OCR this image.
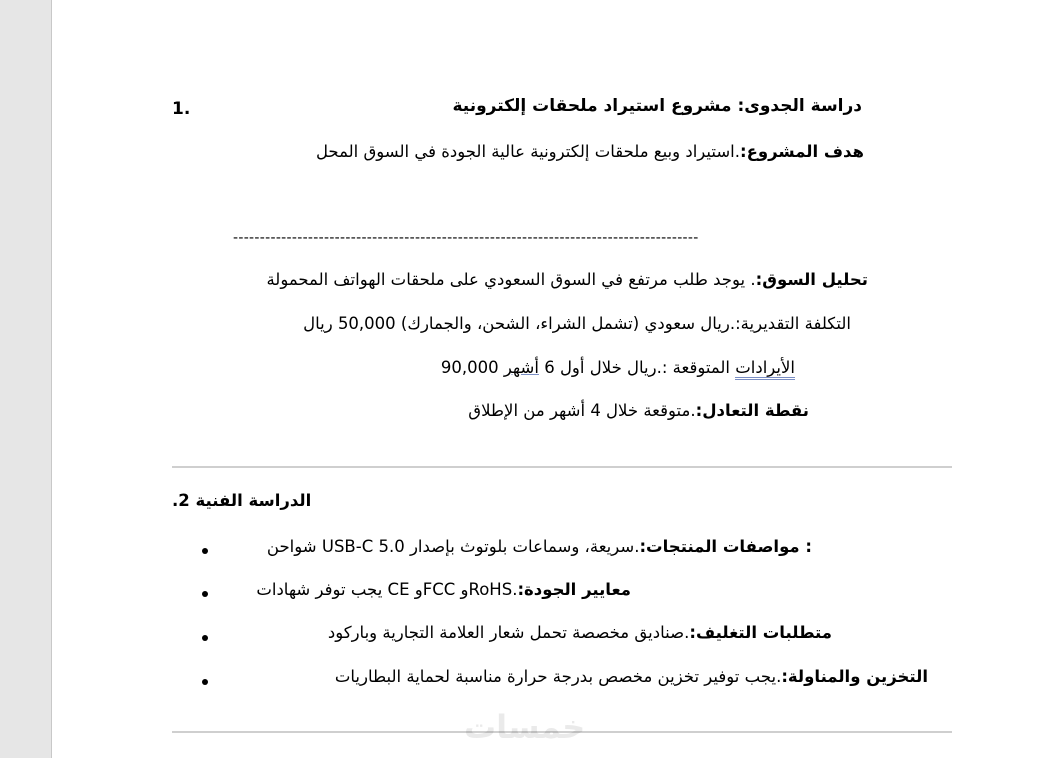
1.	دراسة الجدوى: مشروع استيراد ملحقات إلكترونية
هدف المشروع:.استيراد وبيع ملحقات إلكترونية عالية الجودة في السوق المحل
---------------------------------------------------------------------------------------
تحليل السوق:. يوجد طلب مرتفع في السوق السعودي على ملحقات الهواتف المحمولة
التكلفة التقديرية:.ريال سعودي (تشمل الشراء، الشحن، والجمارك) 50,000 ريال
الأيرادات المتوقعة :.ريال خلال أول 6 أشهر 90,000
نقطة التعادل:.متوقعة خلال 4 أشهر من الإطلاق
الدراسة الفنية 2.
: مواصفات المنتجات:.سريعة، وسماعات بلوتوث بإصدار USB-C 5.0 شواحن
معايير الجودة:.RoHSو FCCو CE يجب توفر شهادات
متطلبات التغليف:.صناديق مخصصة تحمل شعار العلامة التجارية وباركود
التخزين والمناولة:.يجب توفير تخزين مخصص بدرجة حرارة مناسبة لحماية البطاريات
خمسات
